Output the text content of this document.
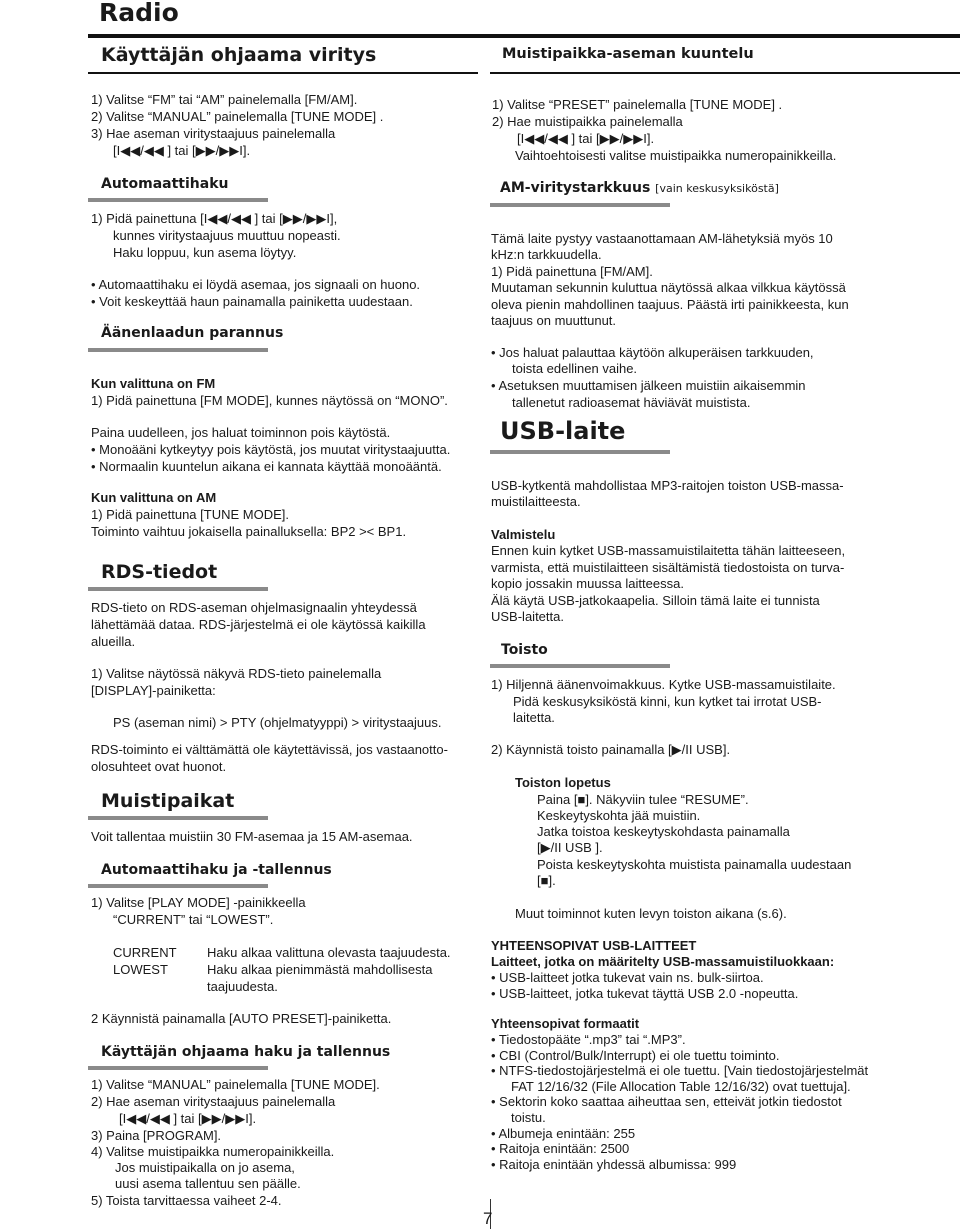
Radio
Käyttäjän ohjaama viritys
1) Valitse “FM” tai “AM” painelemalla [FM/AM].
2) Valitse “MANUAL” painelemalla [TUNE MODE] .
3) Hae aseman viritystaajuus painelemalla
[I◀◀/◀◀ ] tai [▶▶/▶▶I].
Automaattihaku
1) Pidä painettuna [I◀◀/◀◀ ] tai [▶▶/▶▶I],
kunnes viritystaajuus muuttuu nopeasti.
Haku loppuu, kun asema löytyy.
• Automaattihaku ei löydä asemaa, jos signaali on huono.
• Voit keskeyttää haun painamalla painiketta uudestaan.
Äänenlaadun parannus
Kun valittuna on FM
1) Pidä painettuna [FM MODE], kunnes näytössä on “MONO”.
Paina uudelleen, jos haluat toiminnon pois käytöstä.
• Monoääni kytkeytyy pois käytöstä, jos muutat viritystaajuutta.
• Normaalin kuuntelun aikana ei kannata käyttää monoääntä.
Kun valittuna on AM
1) Pidä painettuna [TUNE MODE].
Toiminto vaihtuu jokaisella painalluksella: BP2 >< BP1.
RDS-tiedot
RDS-tieto on RDS-aseman ohjelmasignaalin yhteydessä
lähettämää dataa. RDS-järjestelmä ei ole käytössä kaikilla
alueilla.
1) Valitse näytössä näkyvä RDS-tieto painelemalla
[DISPLAY]-painiketta:
PS (aseman nimi) > PTY (ohjelmatyyppi) > viritystaajuus.
RDS-toiminto ei välttämättä ole käytettävissä, jos vastaanotto-
olosuhteet ovat huonot.
Muistipaikat
Voit tallentaa muistiin 30 FM-asemaa ja 15 AM-asemaa.
Automaattihaku ja -tallennus
1) Valitse [PLAY MODE] -painikkeella
“CURRENT” tai “LOWEST”.
CURRENT Haku alkaa valittuna olevasta taajuudesta.
LOWEST	Haku alkaa pienimmästä mahdollisesta
taajuudesta.
2 Käynnistä painamalla [AUTO PRESET]-painiketta.
Käyttäjän ohjaama haku ja tallennus
1) Valitse “MANUAL” painelemalla [TUNE MODE].
2) Hae aseman viritystaajuus painelemalla
[I◀◀/◀◀ ] tai [▶▶/▶▶I].
3) Paina [PROGRAM].
4) Valitse muistipaikka numeropainikkeilla.
Jos muistipaikalla on jo asema,
uusi asema tallentuu sen päälle.
5) Toista tarvittaessa vaiheet 2-4.
Muistipaikka-aseman kuuntelu
1) Valitse “PRESET” painelemalla [TUNE MODE] .
2) Hae muistipaikka painelemalla
[I◀◀/◀◀ ] tai [▶▶/▶▶I].
Vaihtoehtoisesti valitse muistipaikka numeropainikkeilla.
AM-viritystarkkuus [vain keskusyksiköstä]
Tämä laite pystyy vastaanottamaan AM-lähetyksiä myös 10
kHz:n tarkkuudella.
1) Pidä painettuna [FM/AM].
Muutaman sekunnin kuluttua näytössä alkaa vilkkua käytössä
oleva pienin mahdollinen taajuus. Päästä irti painikkeesta, kun
taajuus on muuttunut.
• Jos haluat palauttaa käytöön alkuperäisen tarkkuuden,
toista edellinen vaihe.
• Asetuksen muuttamisen jälkeen muistiin aikaisemmin
tallenetut radioasemat häviävät muistista.
USB-laite
USB-kytkentä mahdollistaa MP3-raitojen toiston USB-massa-
muistilaitteesta.
Valmistelu
Ennen kuin kytket USB-massamuistilaitetta tähän laitteeseen,
varmista, että muistilaitteen sisältämistä tiedostoista on turva-
kopio jossakin muussa laitteessa.
Älä käytä USB-jatkokaapelia. Silloin tämä laite ei tunnista
USB-laitetta.
Toisto
1) Hiljennä äänenvoimakkuus. Kytke USB-massamuistilaite.
Pidä keskusyksiköstä kinni, kun kytket tai irrotat USB-
laitetta.
2) Käynnistä toisto painamalla [▶/II USB].
Toiston lopetus
Paina [■]. Näkyviin tulee “RESUME”.
Keskeytyskohta jää muistiin.
Jatka toistoa keskeytyskohdasta painamalla
[▶/II USB ].
Poista keskeytyskohta muistista painamalla uudestaan
[■].
Muut toiminnot kuten levyn toiston aikana (s.6).
YHTEENSOPIVAT USB-LAITTEET
Laitteet, jotka on määritelty USB-massamuistiluokkaan:
• USB-laitteet jotka tukevat vain ns. bulk-siirtoa.
• USB-laitteet, jotka tukevat täyttä USB 2.0 -nopeutta.
Yhteensopivat formaatit
• Tiedostopääte “.mp3” tai “.MP3”.
• CBI (Control/Bulk/Interrupt) ei ole tuettu toiminto.
• NTFS-tiedostojärjestelmä ei ole tuettu. [Vain tiedostojärjestelmät
FAT 12/16/32 (File Allocation Table 12/16/32) ovat tuettuja].
• Sektorin koko saattaa aiheuttaa sen, etteivät jotkin tiedostot
toistu.
• Albumeja enintään: 255
• Raitoja enintään: 2500
• Raitoja enintään yhdessä albumissa: 999
7
